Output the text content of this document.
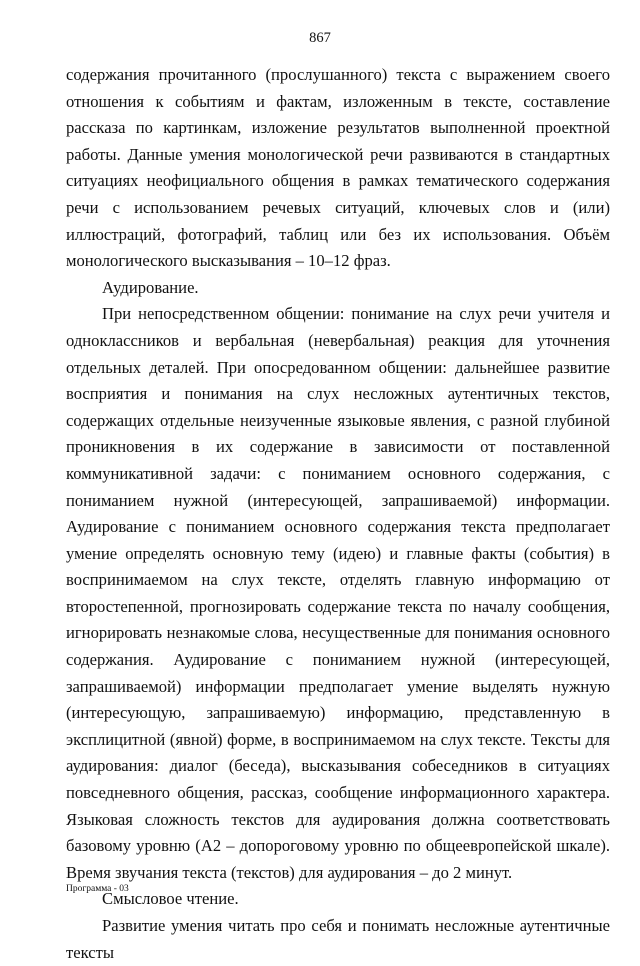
867

содержания прочитанного (прослушанного) текста с выражением своего отношения к событиям и фактам, изложенным в тексте, составление рассказа по картинкам, изложение результатов выполненной проектной работы. Данные умения монологической речи развиваются в стандартных ситуациях неофициального общения в рамках тематического содержания речи с использованием речевых ситуаций, ключевых слов и (или) иллюстраций, фотографий, таблиц или без их использования. Объём монологического высказывания – 10–12 фраз.

Аудирование.

При непосредственном общении: понимание на слух речи учителя и одноклассников и вербальная (невербальная) реакция для уточнения отдельных деталей. При опосредованном общении: дальнейшее развитие восприятия и понимания на слух несложных аутентичных текстов, содержащих отдельные неизученные языковые явления, с разной глубиной проникновения в их содержание в зависимости от поставленной коммуникативной задачи: с пониманием основного содержания, с пониманием нужной (интересующей, запрашиваемой) информации. Аудирование с пониманием основного содержания текста предполагает умение определять основную тему (идею) и главные факты (события) в воспринимаемом на слух тексте, отделять главную информацию от второстепенной, прогнозировать содержание текста по началу сообщения, игнорировать незнакомые слова, несущественные для понимания основного содержания. Аудирование с пониманием нужной (интересующей, запрашиваемой) информации предполагает умение выделять нужную (интересующую, запрашиваемую) информацию, представленную в эксплицитной (явной) форме, в воспринимаемом на слух тексте. Тексты для аудирования: диалог (беседа), высказывания собеседников в ситуациях повседневного общения, рассказ, сообщение информационного характера. Языковая сложность текстов для аудирования должна соответствовать базовому уровню (А2 – допороговому уровню по общеевропейской шкале). Время звучания текста (текстов) для аудирования – до 2 минут.

Смысловое чтение.

Развитие умения читать про себя и понимать несложные аутентичные тексты

Программа - 03
